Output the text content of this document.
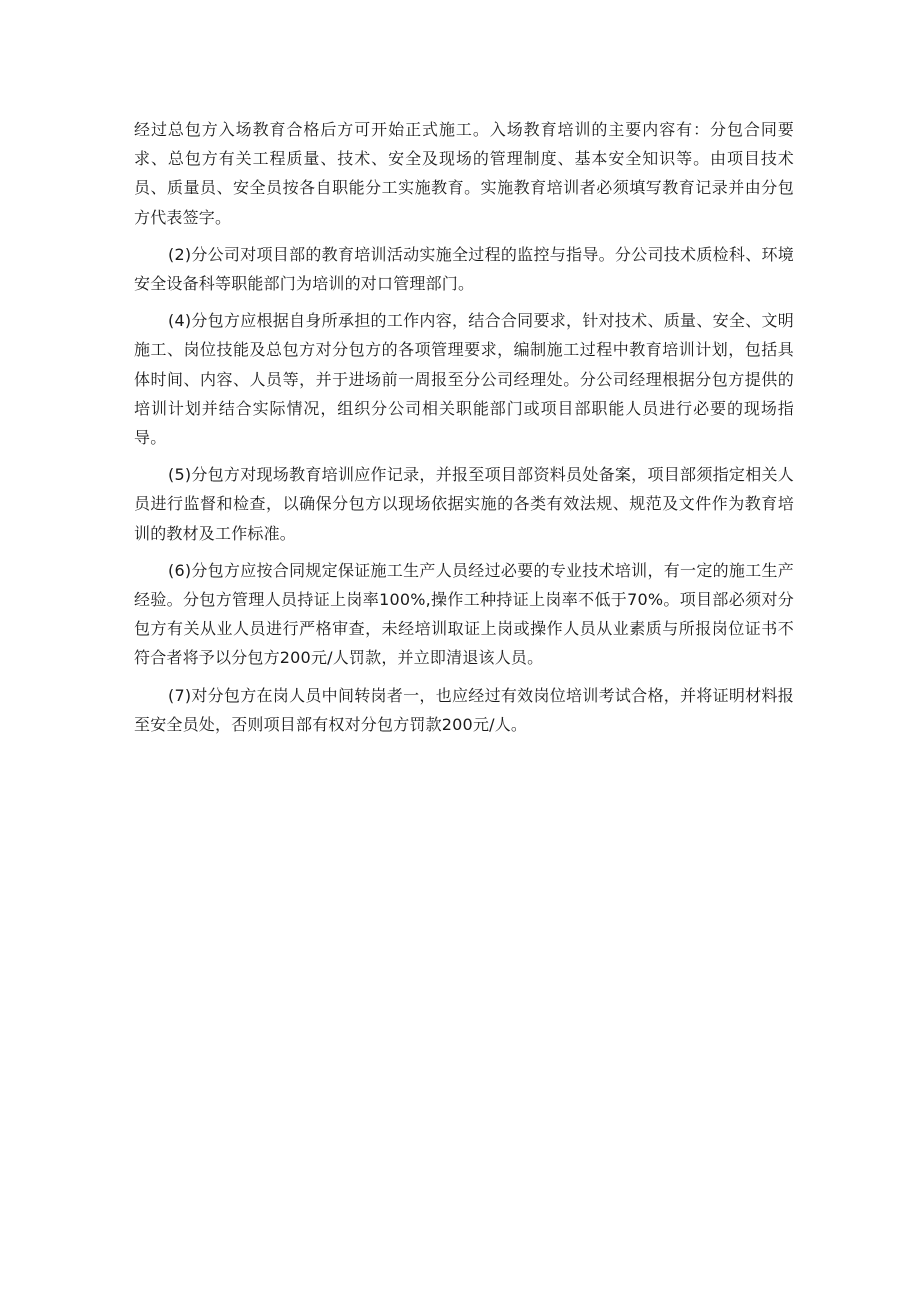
经过总包方入场教育合格后方可开始正式施工。入场教育培训的主要内容有：分包合同要求、总包方有关工程质量、技术、安全及现场的管理制度、基本安全知识等。由项目技术员、质量员、安全员按各自职能分工实施教育。实施教育培训者必须填写教育记录并由分包方代表签字。

(2)分公司对项目部的教育培训活动实施全过程的监控与指导。分公司技术质检科、环境安全设备科等职能部门为培训的对口管理部门。

(4)分包方应根据自身所承担的工作内容，结合合同要求，针对技术、质量、安全、文明施工、岗位技能及总包方对分包方的各项管理要求，编制施工过程中教育培训计划，包括具体时间、内容、人员等，并于进场前一周报至分公司经理处。分公司经理根据分包方提供的培训计划并结合实际情况，组织分公司相关职能部门或项目部职能人员进行必要的现场指导。

(5)分包方对现场教育培训应作记录，并报至项目部资料员处备案，项目部须指定相关人员进行监督和检查，以确保分包方以现场依据实施的各类有效法规、规范及文件作为教育培训的教材及工作标准。

(6)分包方应按合同规定保证施工生产人员经过必要的专业技术培训，有一定的施工生产经验。分包方管理人员持证上岗率100%,操作工种持证上岗率不低于70%。项目部必须对分包方有关从业人员进行严格审查，未经培训取证上岗或操作人员从业素质与所报岗位证书不符合者将予以分包方200元/人罚款，并立即清退该人员。

(7)对分包方在岗人员中间转岗者一，也应经过有效岗位培训考试合格，并将证明材料报至安全员处，否则项目部有权对分包方罚款200元/人。
